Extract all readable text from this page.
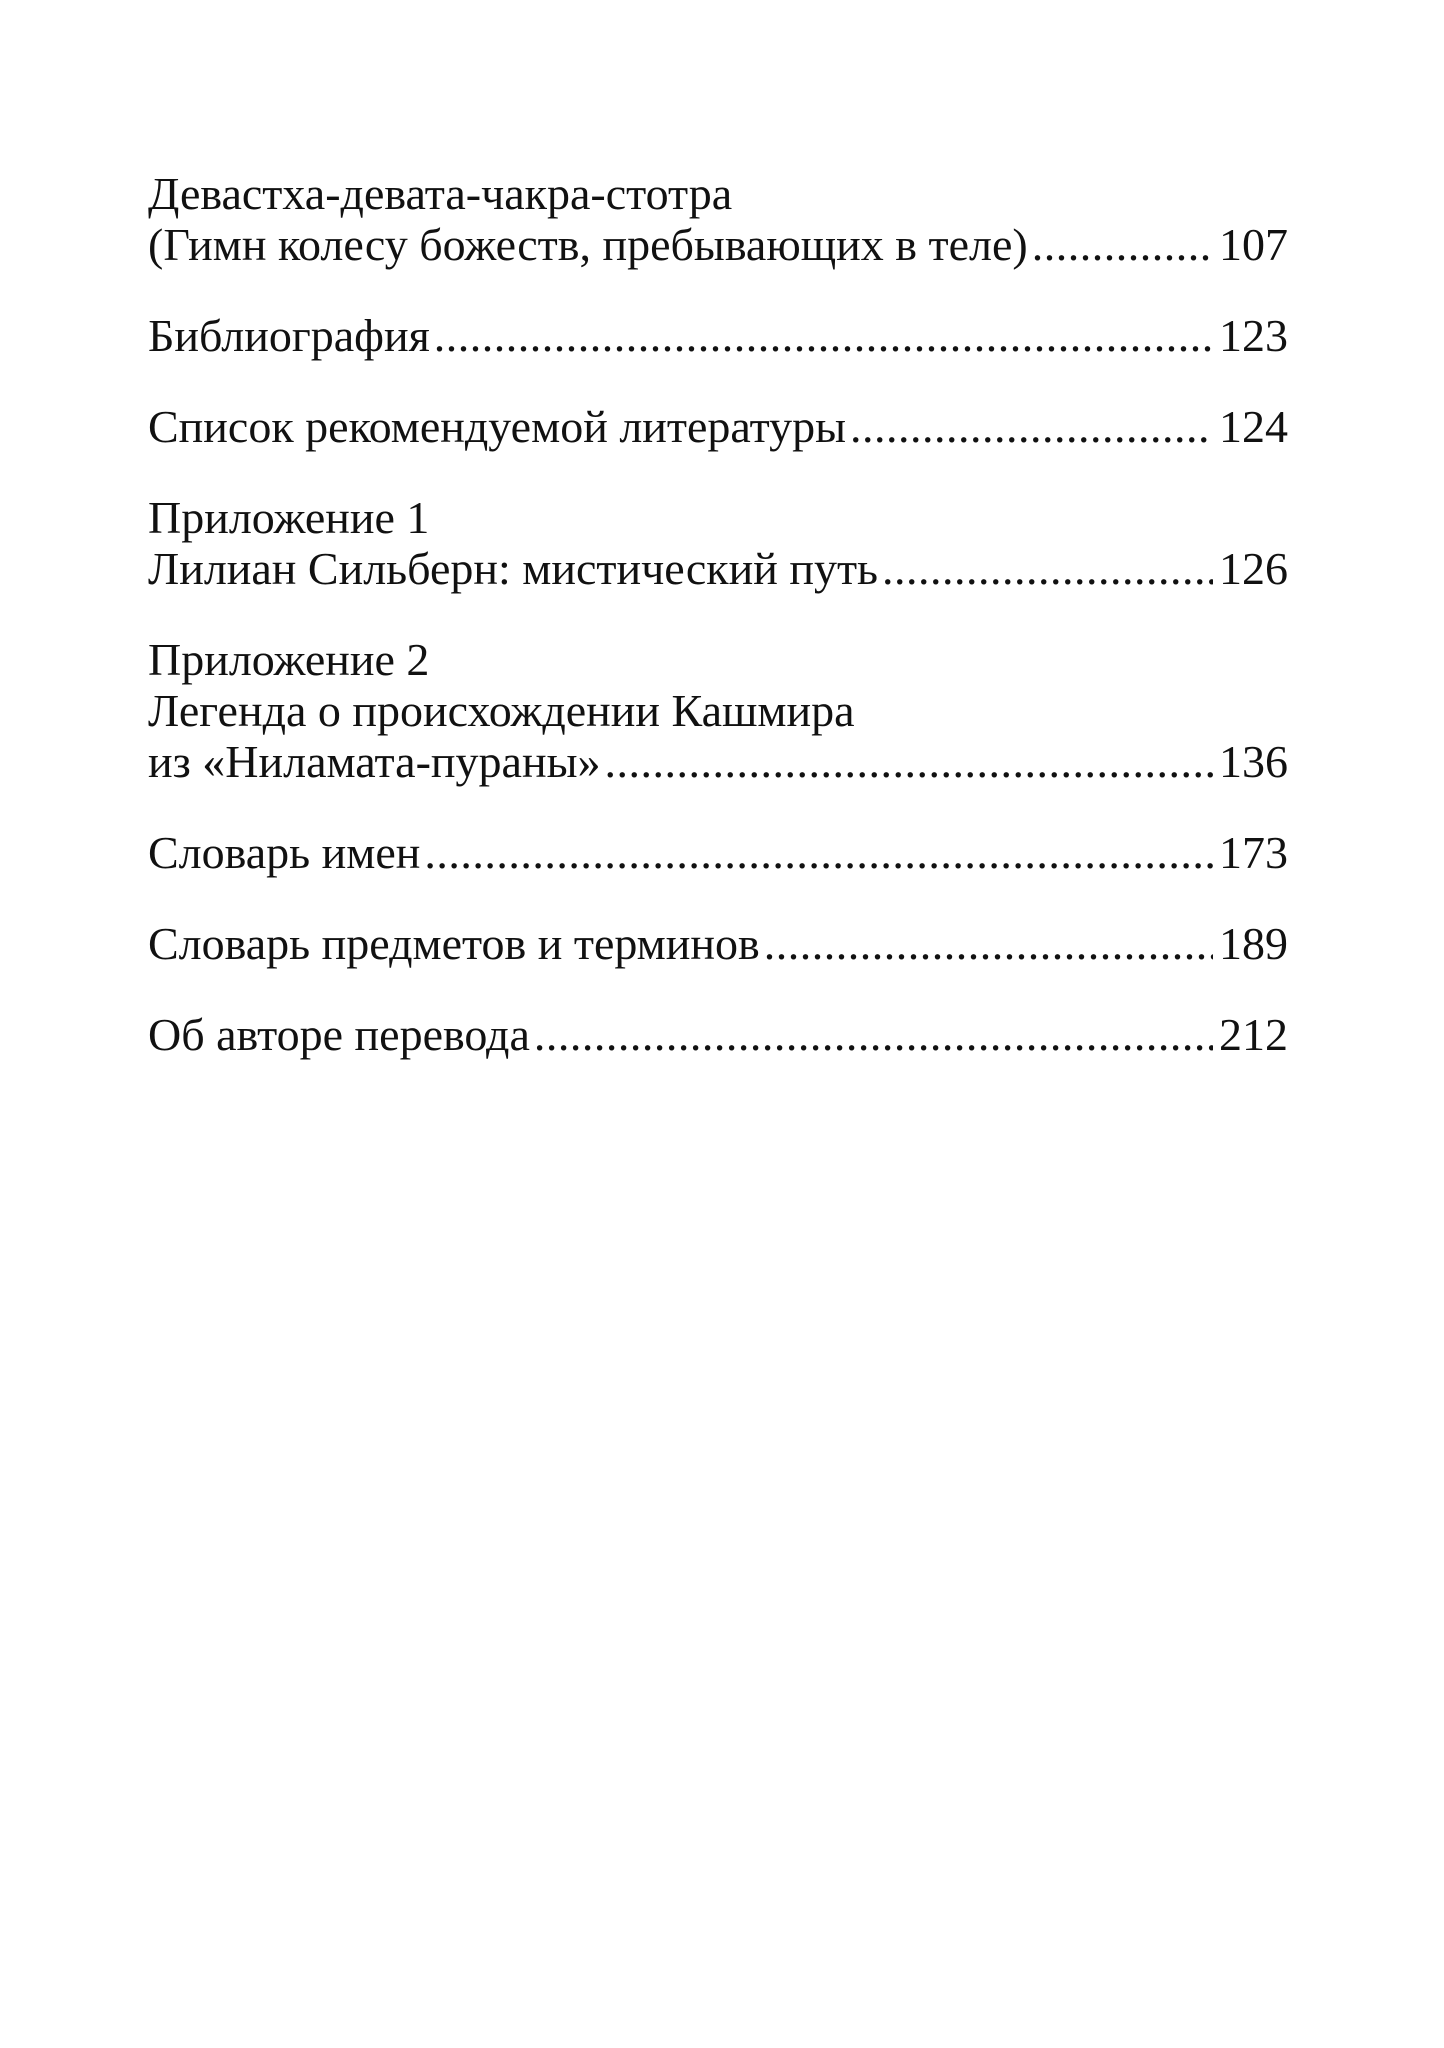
Девастха-девата-чакра-стотра
(Гимн колесу божеств, пребывающих в теле) .....	107
Библиография .....	123
Список рекомендуемой литературы .....	124
Приложение 1
Лилиан Сильберн: мистический путь .....	126
Приложение 2
Легенда о происхождении Кашмира
из «Ниламата-пураны» .....	136
Словарь имен .....	173
Словарь предметов и терминов .....	189
Об авторе перевода .....	212
